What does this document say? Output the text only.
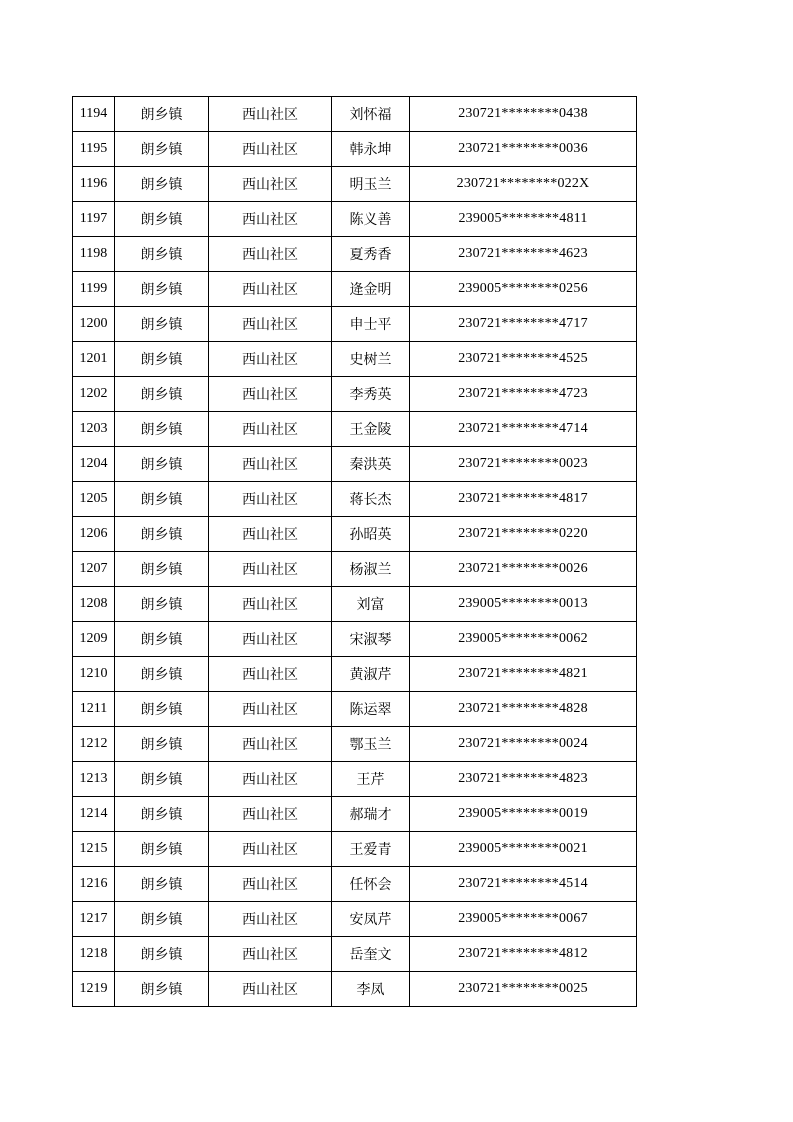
1194	朗乡镇	西山社区	刘怀福	230721********0438
1195	朗乡镇	西山社区	韩永坤	230721********0036
1196	朗乡镇	西山社区	明玉兰	230721********022X
1197	朗乡镇	西山社区	陈义善	239005********4811
1198	朗乡镇	西山社区	夏秀香	230721********4623
1199	朗乡镇	西山社区	逄金明	239005********0256
1200	朗乡镇	西山社区	申士平	230721********4717
1201	朗乡镇	西山社区	史树兰	230721********4525
1202	朗乡镇	西山社区	李秀英	230721********4723
1203	朗乡镇	西山社区	王金陵	230721********4714
1204	朗乡镇	西山社区	秦洪英	230721********0023
1205	朗乡镇	西山社区	蒋长杰	230721********4817
1206	朗乡镇	西山社区	孙昭英	230721********0220
1207	朗乡镇	西山社区	杨淑兰	230721********0026
1208	朗乡镇	西山社区	刘富	239005********0013
1209	朗乡镇	西山社区	宋淑琴	239005********0062
1210	朗乡镇	西山社区	黄淑芹	230721********4821
1211	朗乡镇	西山社区	陈运翠	230721********4828
1212	朗乡镇	西山社区	鄂玉兰	230721********0024
1213	朗乡镇	西山社区	王芹	230721********4823
1214	朗乡镇	西山社区	郝瑞才	239005********0019
1215	朗乡镇	西山社区	王爱青	239005********0021
1216	朗乡镇	西山社区	任怀会	230721********4514
1217	朗乡镇	西山社区	安凤芹	239005********0067
1218	朗乡镇	西山社区	岳奎文	230721********4812
1219	朗乡镇	西山社区	李凤	230721********0025
